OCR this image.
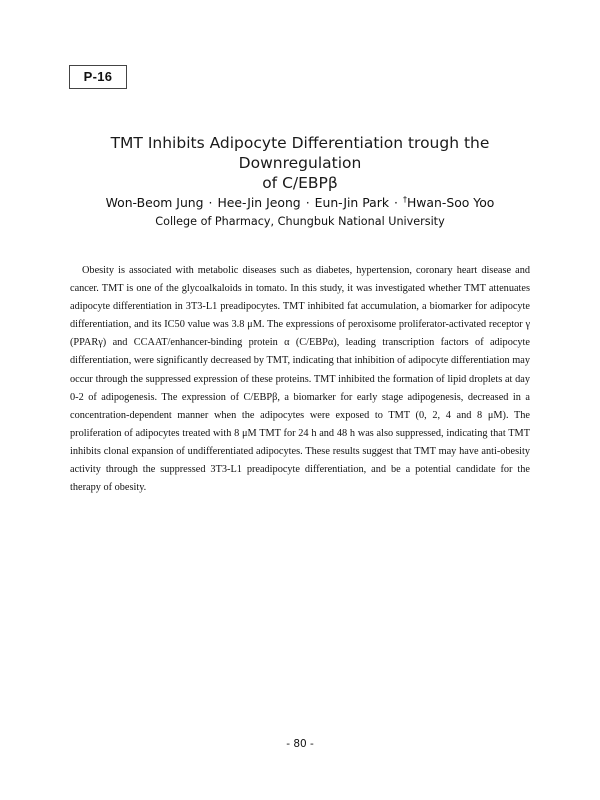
P-16
TMT Inhibits Adipocyte Differentiation trough the Downregulation
of C/EBPβ
Won-Beom Jung · Hee-Jin Jeong · Eun-Jin Park · †Hwan-Soo Yoo
College of Pharmacy, Chungbuk National University

Obesity is associated with metabolic diseases such as diabetes, hypertension, coronary heart disease and cancer. TMT is one of the glycoalkaloids in tomato. In this study, it was investigated whether TMT attenuates adipocyte differentiation in 3T3-L1 preadipocytes. TMT inhibited fat accumulation, a biomarker for adipocyte differentiation, and its IC50 value was 3.8 μM. The expressions of peroxisome proliferator-activated receptor γ (PPARγ) and CCAAT/enhancer-binding protein α (C/EBPα), leading transcription factors of adipocyte differentiation, were significantly decreased by TMT, indicating that inhibition of adipocyte differentiation may occur through the suppressed expression of these proteins. TMT inhibited the formation of lipid droplets at day 0-2 of adipogenesis. The expression of C/EBPβ, a biomarker for early stage adipogenesis, decreased in a concentration-dependent manner when the adipocytes were exposed to TMT (0, 2, 4 and 8 μM). The proliferation of adipocytes treated with 8 μM TMT for 24 h and 48 h was also suppressed, indicating that TMT inhibits clonal expansion of undifferentiated adipocytes. These results suggest that TMT may have anti-obesity activity through the suppressed 3T3-L1 preadipocyte differentiation, and be a potential candidate for the therapy of obesity.

- 80 -
